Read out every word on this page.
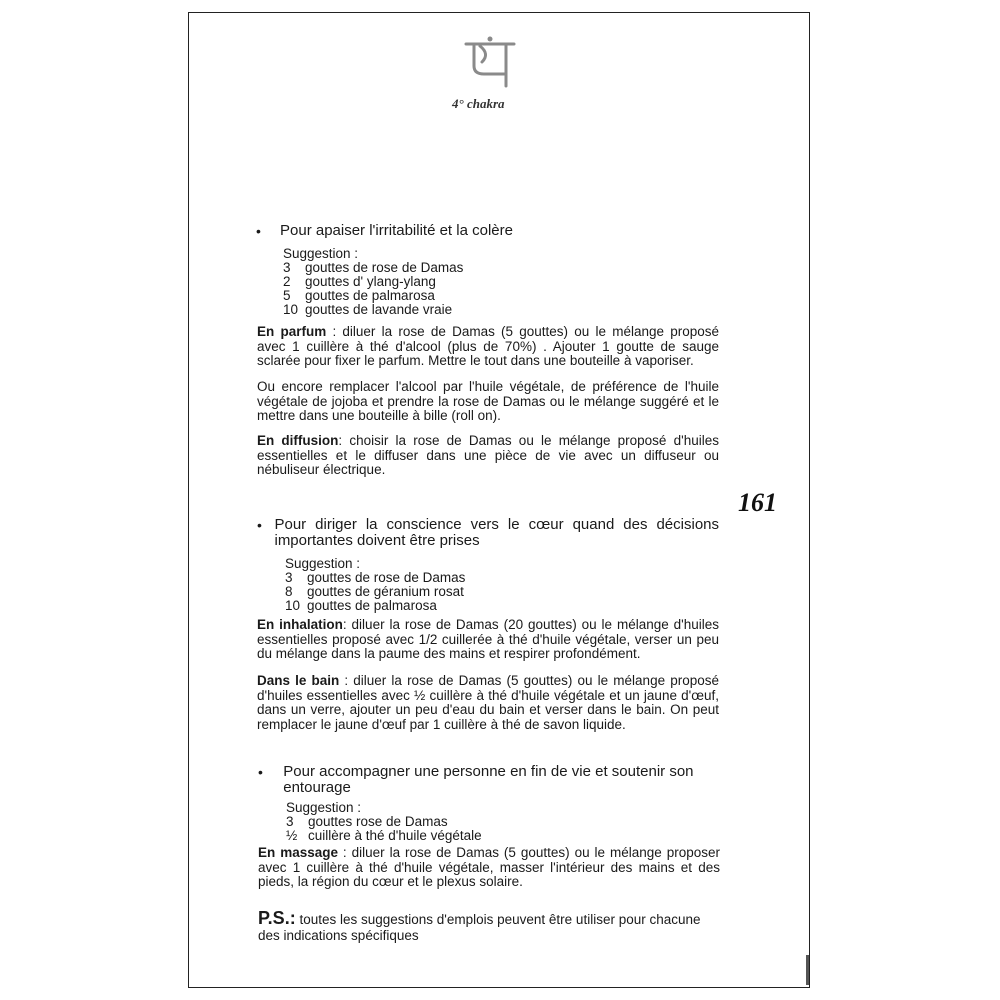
4° chakra
161
•	Pour apaiser l'irritabilité et la colère
Suggestion :
3	gouttes de rose de Damas
2	gouttes d' ylang-ylang
5	gouttes de palmarosa
10 gouttes de lavande vraie
En parfum : diluer la rose de Damas (5 gouttes) ou le mélange proposé avec 1 cuillère à thé d'alcool (plus de 70%) . Ajouter 1 goutte de sauge sclarée pour fixer le parfum. Mettre le tout dans une bouteille à vaporiser.
Ou encore remplacer l'alcool par l'huile végétale, de préférence de l'huile végétale de jojoba et prendre la rose de Damas ou le mélange suggéré et le mettre dans une bouteille à bille (roll on).
En diffusion: choisir la rose de Damas ou le mélange proposé d'huiles essentielles et le diffuser dans une pièce de vie avec un diffuseur ou nébuliseur électrique.
• Pour diriger la conscience vers le cœur quand des décisions importantes doivent être prises
Suggestion :
3	gouttes de rose de Damas
8	gouttes de géranium rosat
10 gouttes de palmarosa
En inhalation: diluer la rose de Damas (20 gouttes) ou le mélange d'huiles essentielles proposé avec 1/2 cuillerée à thé d'huile végétale, verser un peu du mélange dans la paume des mains et respirer profondément.
Dans le bain : diluer la rose de Damas (5 gouttes) ou le mélange proposé d'huiles essentielles avec ½ cuillère à thé d'huile végétale et un jaune d'œuf, dans un verre, ajouter un peu d'eau du bain et verser dans le bain. On peut remplacer le jaune d'œuf par 1 cuillère à thé de savon liquide.
•	Pour accompagner une personne en fin de vie et soutenir son entourage
Suggestion :
3	gouttes rose de Damas
½ cuillère à thé d'huile végétale
En massage : diluer la rose de Damas (5 gouttes) ou le mélange proposer avec 1 cuillère à thé d'huile végétale, masser l'intérieur des mains et des pieds, la région du cœur et le plexus solaire.
P.S.: toutes les suggestions d'emplois peuvent être utiliser pour chacune des indications spécifiques
